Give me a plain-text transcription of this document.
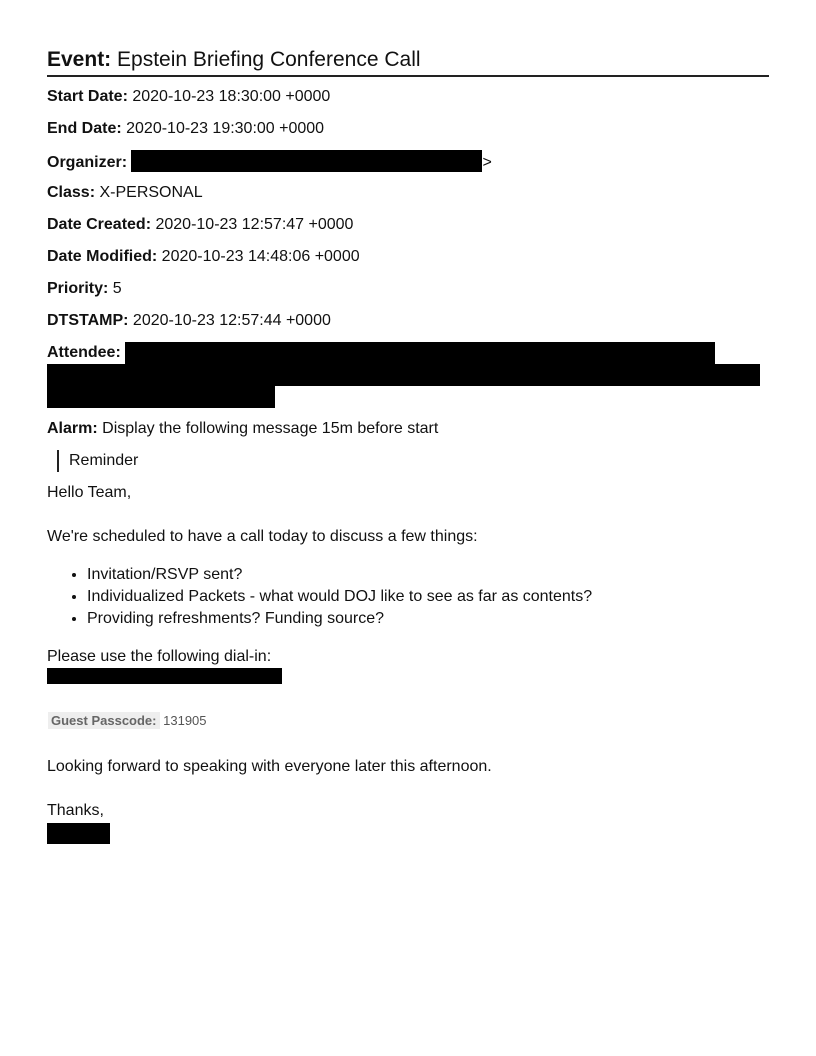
Event: Epstein Briefing Conference Call
Start Date: 2020-10-23 18:30:00 +0000
End Date: 2020-10-23 19:30:00 +0000
Organizer:	>
Class: X-PERSONAL
Date Created: 2020-10-23 12:57:47 +0000
Date Modified: 2020-10-23 14:48:06 +0000
Priority: 5
DTSTAMP: 2020-10-23 12:57:44 +0000
Attendee:
Alarm: Display the following message 15m before start
Reminder

Hello Team,

We're scheduled to have a call today to discuss a few things:

• Invitation/RSVP sent?
• Individualized Packets - what would DOJ like to see as far as contents?
• Providing refreshments? Funding source?

Please use the following dial-in:

Guest Passcode: 131905

Looking forward to speaking with everyone later this afternoon.

Thanks,
